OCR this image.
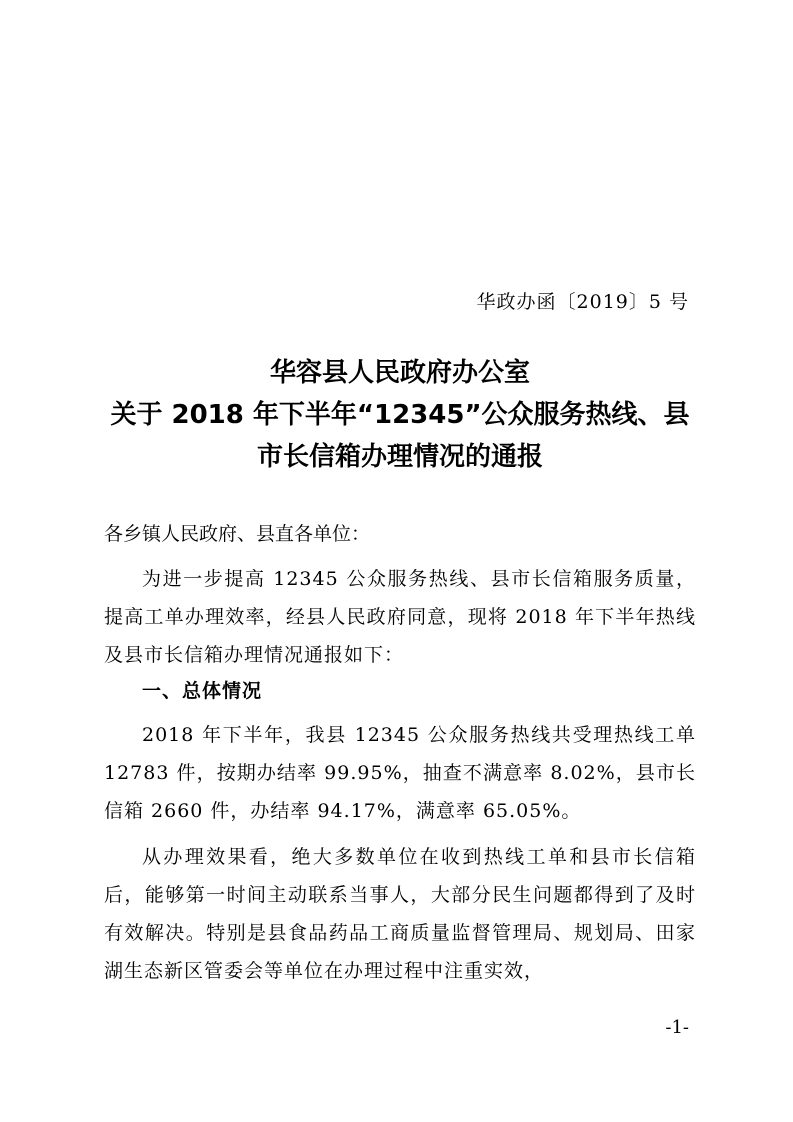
华政办函〔2019〕5 号
华容县人民政府办公室
关于 2018 年下半年“12345”公众服务热线、县
市长信箱办理情况的通报
各乡镇人民政府、县直各单位：

为进一步提高 12345 公众服务热线、县市长信箱服务质量，提高工单办理效率，经县人民政府同意，现将 2018 年下半年热线及县市长信箱办理情况通报如下：

一、总体情况

2018 年下半年，我县 12345 公众服务热线共受理热线工单 12783 件，按期办结率 99.95%，抽查不满意率 8.02%，县市长信箱 2660 件，办结率 94.17%，满意率 65.05%。

从办理效果看，绝大多数单位在收到热线工单和县市长信箱后，能够第一时间主动联系当事人，大部分民生问题都得到了及时有效解决。特别是县食品药品工商质量监督管理局、规划局、田家湖生态新区管委会等单位在办理过程中注重实效，

-1-
